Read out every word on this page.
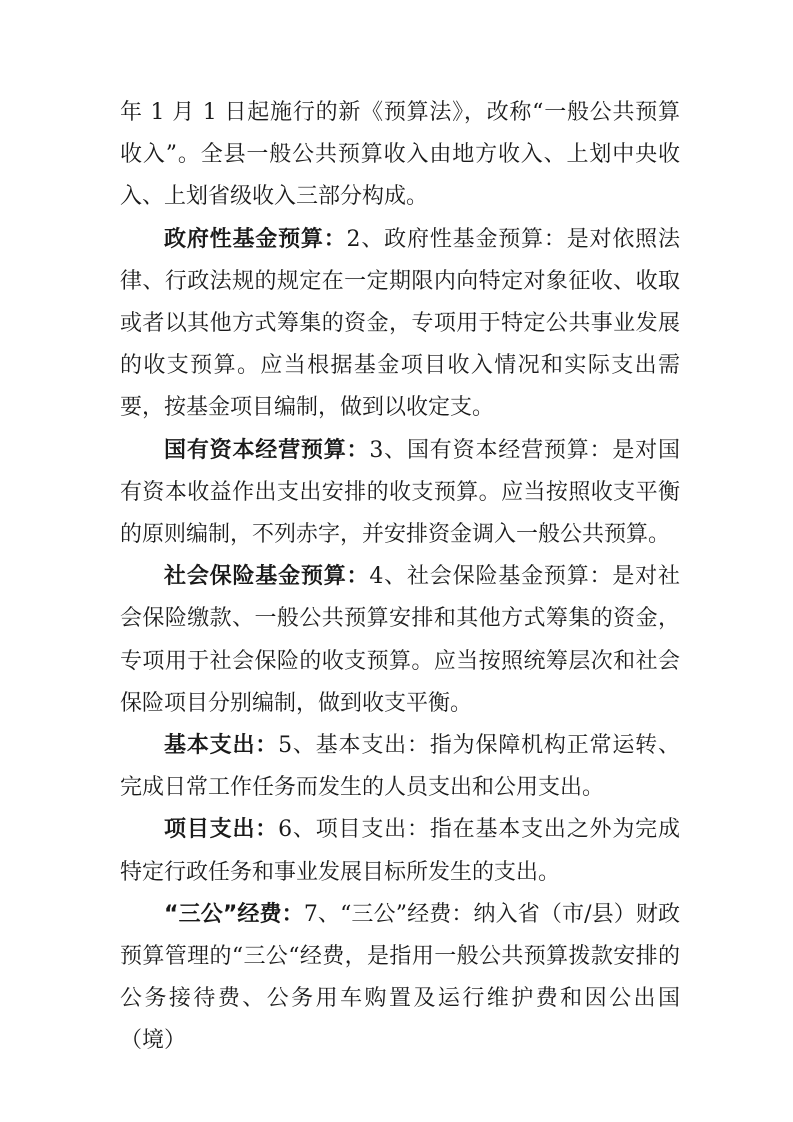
年 1 月 1 日起施行的新《预算法》，改称“一般公共预算收入”。全县一般公共预算收入由地方收入、上划中央收入、上划省级收入三部分构成。

政府性基金预算：2、政府性基金预算：是对依照法律、行政法规的规定在一定期限内向特定对象征收、收取或者以其他方式筹集的资金，专项用于特定公共事业发展的收支预算。应当根据基金项目收入情况和实际支出需要，按基金项目编制，做到以收定支。

国有资本经营预算：3、国有资本经营预算：是对国有资本收益作出支出安排的收支预算。应当按照收支平衡的原则编制，不列赤字，并安排资金调入一般公共预算。

社会保险基金预算：4、社会保险基金预算：是对社会保险缴款、一般公共预算安排和其他方式筹集的资金，专项用于社会保险的收支预算。应当按照统筹层次和社会保险项目分别编制，做到收支平衡。

基本支出：5、基本支出：指为保障机构正常运转、完成日常工作任务而发生的人员支出和公用支出。

项目支出：6、项目支出：指在基本支出之外为完成特定行政任务和事业发展目标所发生的支出。

“三公”经费：7、“三公”经费：纳入省（市/县）财政预算管理的“三公“经费，是指用一般公共预算拨款安排的公务接待费、公务用车购置及运行维护费和因公出国（境）
